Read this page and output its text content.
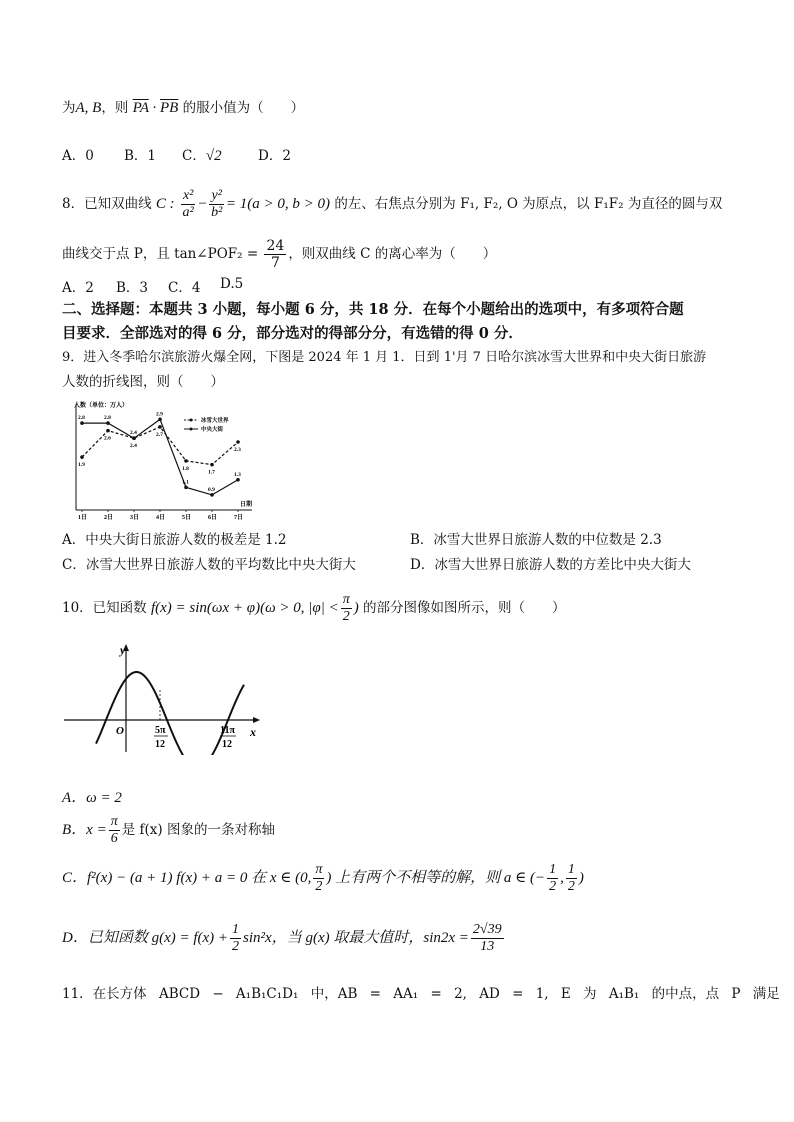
为A, B，则 $\overline{PA} \cdot \overline{PB}$ 的服小值为（　　）
A．0 B．1 C．√2	D．2
8．已知双曲线 C : $\frac{\text{x²}}{\text{a²}} - \frac{\text{y²}}{\text{b²}} = 1(a > 0$, b > 0) 的左、右焦点分别为 F₁, F₂, O 为原点，以 F₁F₂ 为直径的圆与双
曲线交于点 P，且 tan∠POF₂ = $\frac{24}{7}$ ，则双曲线 C 的离心率为（　　）
A．2 B．3 C．4 D.5
二、选择题：本题共 3 小题，每小题 6 分，共 18 分．在每个小题给出的选项中，有多项符合题
目要求．全部选对的得 6 分，部分选对的得部分分，有选错的得 0 分．
9．进入冬季哈尔滨旅游火爆全网，下图是 2024 年 1 月 1．日到 1'月 7 日哈尔滨冰雪大世界和中央大街日旅游
人数的折线图，则（　　）
人数（单位：万人）
日期
1日	2日	3日	4日	5日	6日	7日
1.9
2.6
2.4
2.7
1.8
1.7
2.3
2.8	2.8
2.4
2.9
1.1
0.9
1.3
冰雪大世界
中央大街
A．中央大街日旅游人数的极差是 1.2	B．冰雪大世界日旅游人数的中位数是 2.3
C．冰雪大世界日旅游人数的平均数比中央大街大	D．冰雪大世界日旅游人数的方差比中央大街大
10．已知函数 f(x) = sin(ωx + φ)(ω > 0, $|\varphi| < \frac{\pi}{2}$ ) 的部分图像如图所示，则（　　）
y
x
O	5π
12
11π
12
A．ω = 2
B．$x = \frac{\pi}{6}$ 是 f(x) 图象的一条对称轴
C．f²(x) − (a + 1) f(x) + a = 0 在 x ∈ (0, $\frac{\pi}{2}$ ) 上有两个不相等的解，则 a ∈ (− $\frac{1}{2}$ , $\frac{1}{2}$ )
D．已知函数 $g(x) = f(x) + \frac{1}{2} \sin^2x$，当 g(x) 取最大值时，$\sin 2x = \frac{2√39}{13}$
11．在长方体 ABCD − A₁B₁C₁D₁ 中，AB = AA₁ = 2, AD = 1, E 为 A₁B₁ 的中点，点 P 满足
